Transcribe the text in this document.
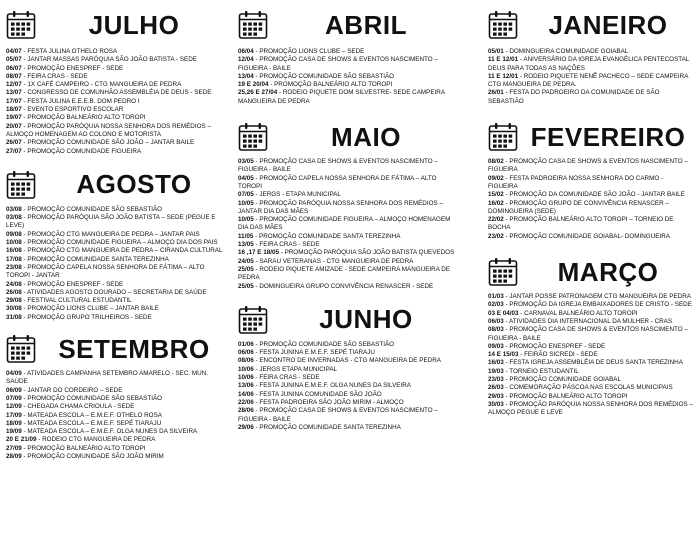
JULHO
04/07 - FESTA JULINA OTHELO ROSA
05/07 - JANTAR MASSAS PARÓQUIA SÃO JOÃO BATISTA - SEDE
06/07 - PROMOÇÃO ENESPREF - SEDE
08/07 - FEIRA CRAS - SEDE
12/07 - 1X CAFÉ CAMPEIRO - CTG MANGUEIRA DE PEDRA
13/07 - CONGRESSO DE COMUNHÃO ASSEMBLÉIA DE DEUS - SEDE
17/07 - FESTA JULINA E.E.E.B. DOM PEDRO I
18/07 - EVENTO ESPORTIVO ESCOLAR
19/07 - PROMOÇÃO BALNEÁRIO ALTO TOROPI
20/07 - PROMOÇÃO PARÓQUIA NOSSA SENHORA DOS REMÉDIOS – ALMOÇO HOMENAGEM AO COLONO E MOTORISTA
26/07 - PROMOÇÃO COMUNIDADE SÃO JOÃO – JANTAR BAILE
27/07 - PROMOÇÃO COMUNIDADE FIGUEIRA
AGOSTO
03/08 - PROMOÇÃO COMUNIDADE SÃO SEBASTIÃO
03/08 - PROMOÇÃO PARÓQUIA SÃO JOÃO BATISTA – SEDE (PEGUE E LEVE)
09/08 - PROMOÇÃO CTG MANGUEIRA DE PEDRA – JANTAR PAIS
10/08 - PROMOÇÃO COMUNIDADE FIGUEIRA – ALMOÇO DIA DOS PAIS
16/08 - PROMOÇÃO CTG MANGUEIRA DE PEDRA – CIRANDA CULTURAL
17/08 - PROMOÇÃO COMUNIDADE SANTA TEREZINHA
23/08 - PROMOÇÃO CAPELA NOSSA SENHORA DE FÁTIMA – ALTO TOROPI - JANTAR
24/08 - PROMOÇÃO ENESPREF - SEDE
26/08 - ATIVIDADES AGOSTO DOURADO – SECRETARIA DE SAÚDE
29/08 - FESTIVAL CULTURAL ESTUDANTIL
30/08 - PROMOÇÃO LIONS CLUBE – JANTAR BAILE
31/08 - PROMOÇÃO GRUPO TRILHEIROS - SEDE
SETEMBRO
04/09 - ATIVIDADES CAMPANHA SETEMBRO AMARELO - SEC. MUN. SAÚDE
06/09 - JANTAR DO CORDEIRO – SEDE
07/09 - PROMOÇÃO COMUNIDADE SÃO SEBASTIÃO
12/09 - CHEGADA CHAMA CRIOULA - SEDE
17/09 - MATEADA ESCOLA – E.M.E.F. OTHELO ROSA
18/09 - MATEADA ESCOLA – E.M.E.F. SEPÉ TIARAJU
19/09 - MATEADA ESCOLA – E.M.E.F. OLGA NUNES DA SILVEIRA
20 E 21/09 - RODEIO CTG MANGUEIRA DE PEDRA
27/09 - PROMOÇÃO BALNEÁRIO ALTO TOROPI
28/09 - PROMOÇÃO COMUNIDADE SÃO JOÃO MIRIM
ABRIL
06/04 - PROMOÇÃO LIONS CLUBE – SEDE
12/04 - PROMOÇÃO CASA DE SHOWS & EVENTOS NASCIMENTO – FIGUEIRA - BAILE
13/04 - PROMOÇÃO COMUNIDADE SÃO SEBASTIÃO
19 E 20/04 - PROMOÇÃO BALNEÁRIO ALTO TOROPI
25,26 E 27/04 - RODEIO PIQUETE DOM SILVESTRE- SEDE CAMPEIRA MANGUEIRA DE PEDRA
MAIO
03/05 - PROMOÇÃO CASA DE SHOWS & EVENTOS NASCIMENTO – FIGUEIRA - BAILE
04/05 - PROMOÇÃO CAPELA NOSSA SENHORA DE FÁTIMA – ALTO TOROPI
07/05 - JERGS - ETAPA MUNICIPAL
10/05 - PROMOÇÃO PARÓQUIA NOSSA SENHORA DOS REMÉDIOS – JANTAR DIA DAS MÃES
10/05 - PROMOÇÃO COMUNIDADE FIGUEIRA – ALMOÇO HOMENAGEM DIA DAS MÃES
11/05 - PROMOÇÃO COMUNIDADE SANTA TEREZINHA
13/05 - FEIRA CRAS - SEDE
16 ,17 E 18/05 - PROMOÇÃO PARÓQUIA SÃO JOÃO BATISTA QUEVEDOS
24/05 - SARAU VETERANAS - CTG MANGUEIRA DE PEDRA
25/05 - RODEIO PIQUETE AMIZADE - SEDE CAMPEIRA MANGUEIRA DE PEDRA
25/05 - DOMINGUEIRA GRUPO CONVIVÊNCIA RENASCER - SEDE
JUNHO
01/06 - PROMOÇÃO COMUNIDADE SÃO SEBASTIÃO
06/06 - FESTA JUNINA E.M.E.F. SEPÉ TIARAJU
08/06 - ENCONTRO DE INVERNADAS - CTG MANGUEIRA DE PEDRA
10/06 - JERGS ETAPA MUNICIPAL
10/06 - FEIRA CRAS - SEDE
13/06 - FESTA JUNINA E.M.E.F. OLGA NUNES DA SILVEIRA
14/06 - FESTA JUNINA COMUNIDADE SÃO JOÃO
22/06 - FESTA PADROEIRA SÃO JOÃO MIRIM - ALMOÇO
28/06 - PROMOÇÃO CASA DE SHOWS & EVENTOS NASCIMENTO – FIGUEIRA - BAILE
29/06 - PROMOÇÃO COMUNIDADE SANTA TEREZINHA
JANEIRO
05/01 - DOMINGUEIRA COMUNIDADE GOIABAL
11 E 12/01 - ANIVERSÁRIO DA IGREJA EVANGÉLICA PENTECOSTAL DEUS PARA TODAS AS NAÇÕES
11 E 12/01 - RODEIO PIQUETE NENÊ PACHECO – SEDE CAMPEIRA CTG MANGUEIRA DE PEDRA.
26/01 - FESTA DO PADROEIRO DA COMUNIDADE DE SÃO SEBASTIÃO
FEVEREIRO
08/02 - PROMOÇÃO CASA DE SHOWS & EVENTOS NASCIMENTO – FIGUEIRA
09/02 - FESTA PADROEIRA NOSSA SENHORA DO CARMO - FIGUEIRA
15/02 - PROMOÇÃO DA COMUNIDADE SÃO JOÃO - JANTAR BAILE
16/02 - PROMOÇÃO GRUPO DE CONVIVÊNCIA RENASCER – DOMINGUEIRA (SEDE)
22/02 - PROMOÇÃO BALNEÁRIO ALTO TOROPI – TORNEIO DE BOCHA
23/02 - PROMOÇÃO COMUNIDADE GOIABAL- DOMINGUEIRA
MARÇO
01/03 - JANTAR POSSE PATRONAGEM CTG MANGUEIRA DE PEDRA
02/03 - PROMOÇÃO DA IGREJA EMBAIXADORES DE CRISTO - SEDE
03 E 04/03 - CARNAVAL BALNEÁRIO ALTO TOROPI
06/03 - ATIVIDADES DIA INTERNACIONAL DA MULHER - CRAS
08/03 - PROMOÇÃO CASA DE SHOWS & EVENTOS NASCIMENTO – FIGUEIRA - BAILE
09/03 - PROMOÇÃO ENESPREF - SEDE
14 E 15/03 - FEIRÃO SICREDI - SEDE
16/03 - FESTA IGREJA ASSEMBLÉIA DE DEUS SANTA TEREZINHA
19/03 - TORNEIO ESTUDANTIL
23/03 - PROMOÇÃO COMUNIDADE GOIABAL
26/03 - COMEMORAÇÃO PÁSCOA NAS ESCOLAS MUNICIPAIS
29/03 - PROMOÇÃO BALNEÁRIO ALTO TOROPI
30/03 - PROMOÇÃO PARÓQUIA NOSSA SENHORA DOS REMÉDIOS – ALMOÇO PEGUE E LEVE
